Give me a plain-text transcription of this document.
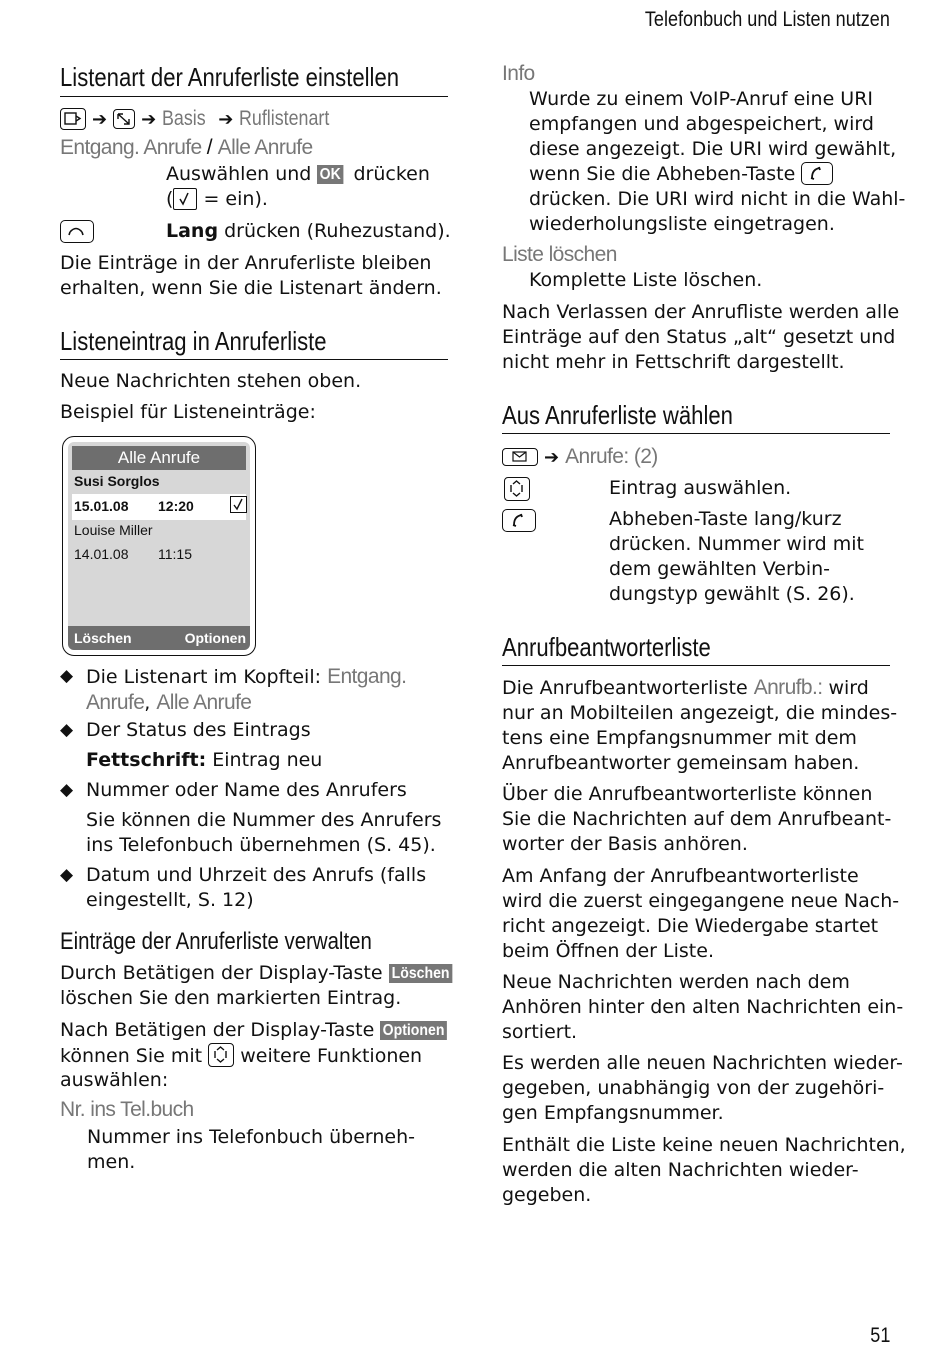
Telefonbuch und Listen nutzen
Listenart der Anruferliste einstellen
➔ ➔ Basis ➔ Ruflistenart
Entgang. Anrufe / Alle Anrufe
Auswählen und OK drücken
( = ein).
Lang drücken (Ruhezustand).
Die Einträge in der Anruferliste bleiben erhalten, wenn Sie die Listenart ändern.
Listeneintrag in Anruferliste
Neue Nachrichten stehen oben.
Beispiel für Listeneinträge:
Alle Anrufe
Susi Sorglos
15.01.08 12:20
Louise Miller
14.01.08 11:15
Löschen	Optionen
◆ Die Listenart im Kopfteil: Entgang.
Anrufe, Alle Anrufe
◆ Der Status des Eintrags
Fettschrift: Eintrag neu
◆ Nummer oder Name des Anrufers
Sie können die Nummer des Anrufers
ins Telefonbuch übernehmen (S. 45).
◆ Datum und Uhrzeit des Anrufs (falls
eingestellt, S. 12)
Einträge der Anruferliste verwalten
Durch Betätigen der Display-Taste Löschen
löschen Sie den markierten Eintrag.
Nach Betätigen der Display-Taste Optionen
können Sie mit weitere Funktionen
auswählen:
Nr. ins Tel.buch
Nummer ins Telefonbuch überneh-
men.
Info
Wurde zu einem VoIP-Anruf eine URI
empfangen und abgespeichert, wird
diese angezeigt. Die URI wird gewählt,
wenn Sie die Abheben-Taste
drücken. Die URI wird nicht in die Wahl-
wiederholungsliste eingetragen.
Liste löschen
Komplette Liste löschen.
Nach Verlassen der Anrufliste werden alle
Einträge auf den Status „alt“ gesetzt und
nicht mehr in Fettschrift dargestellt.
Aus Anruferliste wählen
➔ Anrufe: (2)
Eintrag auswählen.
Abheben-Taste lang/kurz
drücken. Nummer wird mit
dem gewählten Verbin-
dungstyp gewählt (S. 26).
Anrufbeantworterliste
Die Anrufbeantworterliste Anrufb.: wird
nur an Mobilteilen angezeigt, die mindes-
tens eine Empfangsnummer mit dem
Anrufbeantworter gemeinsam haben.
Über die Anrufbeantworterliste können
Sie die Nachrichten auf dem Anrufbeant-
worter der Basis anhören.
Am Anfang der Anrufbeantworterliste
wird die zuerst eingegangene neue Nach-
richt angezeigt. Die Wiedergabe startet
beim Öffnen der Liste.
Neue Nachrichten werden nach dem
Anhören hinter den alten Nachrichten ein-
sortiert.
Es werden alle neuen Nachrichten wieder-
gegeben, unabhängig von der zugehöri-
gen Empfangsnummer.
Enthält die Liste keine neuen Nachrichten,
werden die alten Nachrichten wieder-
gegeben.
51
